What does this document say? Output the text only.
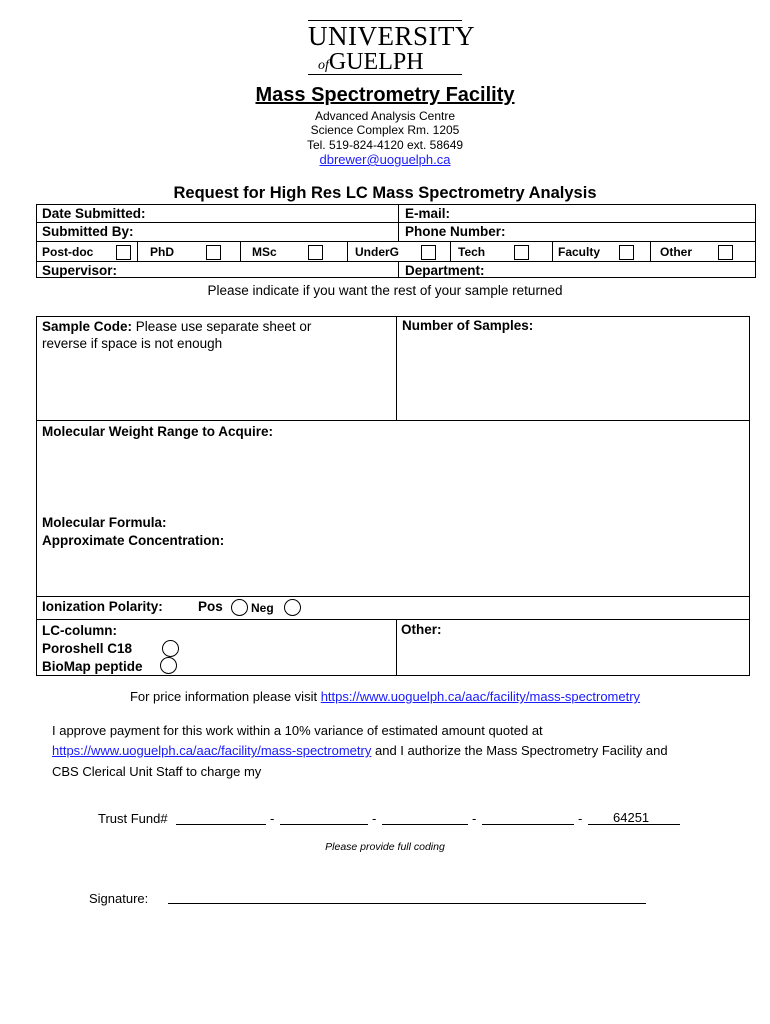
UNIVERSITY
ofGUELPH
Mass Spectrometry Facility
Advanced Analysis Centre
Science Complex Rm. 1205
Tel. 519-824-4120 ext. 58649
dbrewer@uoguelph.ca
Request for High Res LC Mass Spectrometry Analysis
Date Submitted:	E-mail:
Submitted By:	Phone Number:
Post-doc	PhD	MSc	UnderG	Tech	Faculty	Other
Supervisor:	Department:
Please indicate if you want the rest of your sample returned
Sample Code: Please use separate sheet or
reverse if space is not enough
Number of Samples:
Molecular Weight Range to Acquire:
Molecular Formula:
Approximate Concentration:
Ionization Polarity:	Pos Neg
LC-column:
Poroshell C18
BioMap peptide
Other:
For price information please visit https://www.uoguelph.ca/aac/facility/mass-spectrometry
I approve payment for this work within a 10% variance of estimated amount quoted at
https://www.uoguelph.ca/aac/facility/mass-spectrometry and I authorize the Mass Spectrometry Facility and
CBS Clerical Unit Staff to charge my
Trust Fund#	-	-	-	- 64251
Please provide full coding
Signature:
